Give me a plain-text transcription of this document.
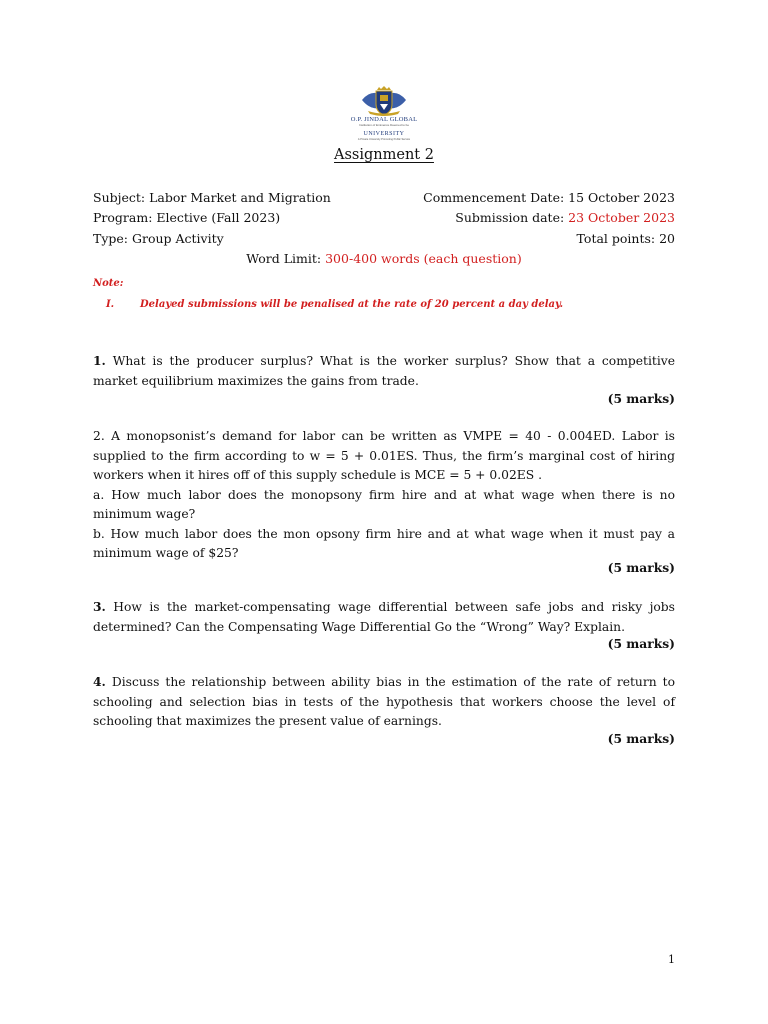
O.P. JINDAL GLOBAL
Institution of Eminence Deemed to be
UNIVERSITY
A Private University Promoting Public Service
Assignment 2
Subject: Labor Market and Migration	Commencement Date: 15 October 2023
Program: Elective (Fall 2023)	Submission date: 23 October 2023
Type: Group Activity	Total points: 20
Word Limit: 300-400 words (each question)
Note:
I.	Delayed submissions will be penalised at the rate of 20 percent a day delay.
1. What is the producer surplus? What is the worker surplus? Show that a competitive market equilibrium maximizes the gains from trade.
(5 marks)
2. A monopsonist’s demand for labor can be written as VMPE = 40 - 0.004ED. Labor is supplied to the firm according to w = 5 + 0.01ES. Thus, the firm’s marginal cost of hiring workers when it hires off of this supply schedule is MCE = 5 + 0.02ES .
a. How much labor does the monopsony firm hire and at what wage when there is no minimum wage?
b. How much labor does the mon opsony firm hire and at what wage when it must pay a minimum wage of $25?
(5 marks)
3. How is the market-compensating wage differential between safe jobs and risky jobs determined? Can the Compensating Wage Differential Go the “Wrong” Way? Explain.
(5 marks)
4. Discuss the relationship between ability bias in the estimation of the rate of return to schooling and selection bias in tests of the hypothesis that workers choose the level of schooling that maximizes the present value of earnings.
(5 marks)
1
